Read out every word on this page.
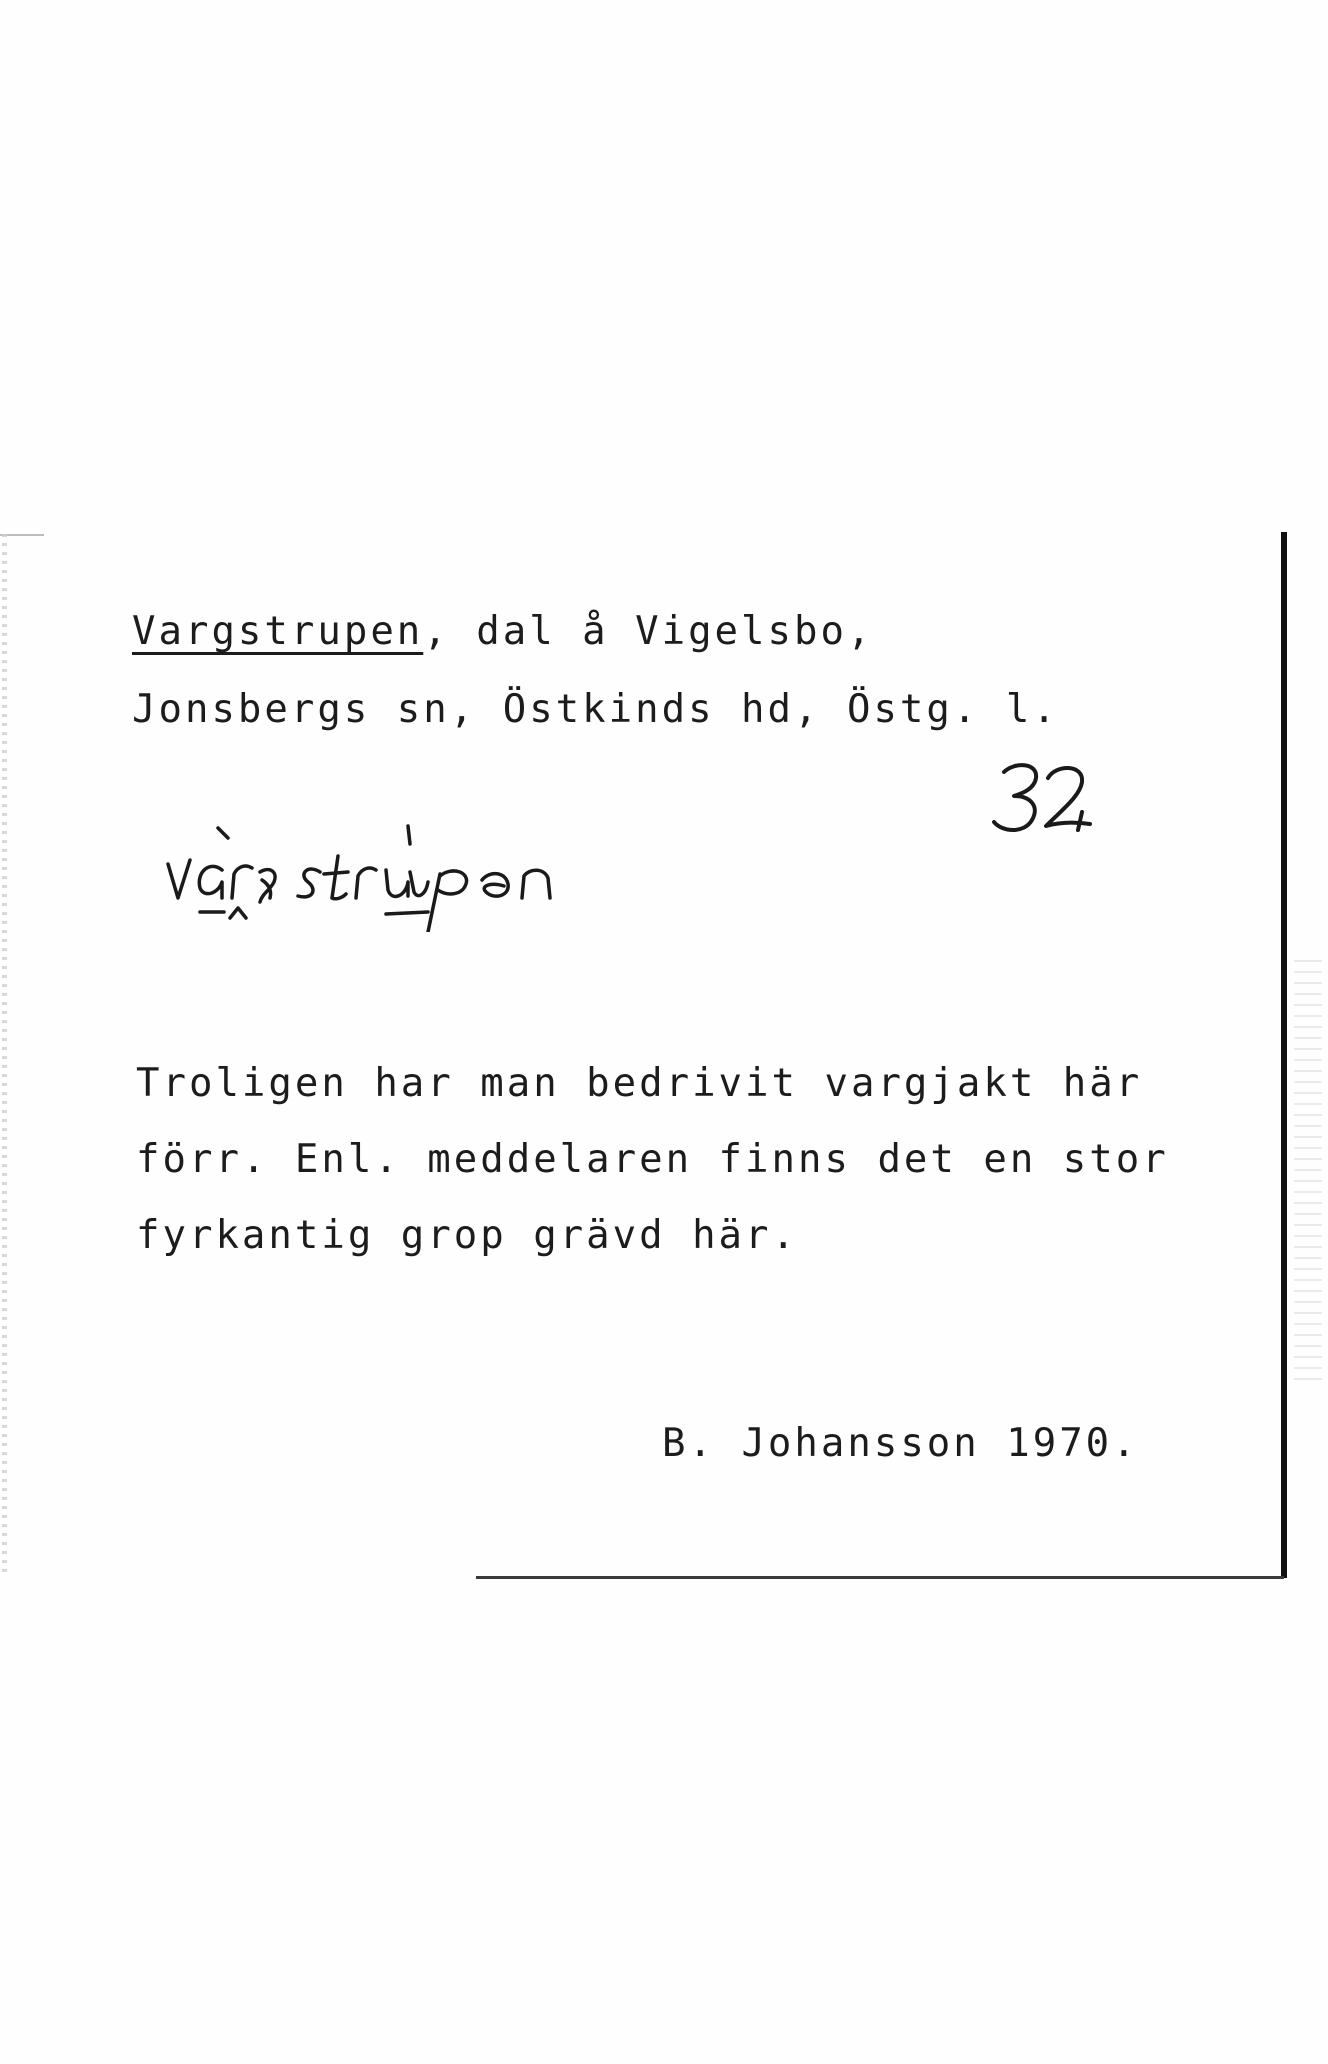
Vargstrupen, dal å Vigelsbo,
Jonsbergs sn, Östkinds hd, Östg. l.
Troligen har man bedrivit vargjakt här
förr. Enl. meddelaren finns det en stor
fyrkantig grop grävd här.
B. Johansson 1970.
